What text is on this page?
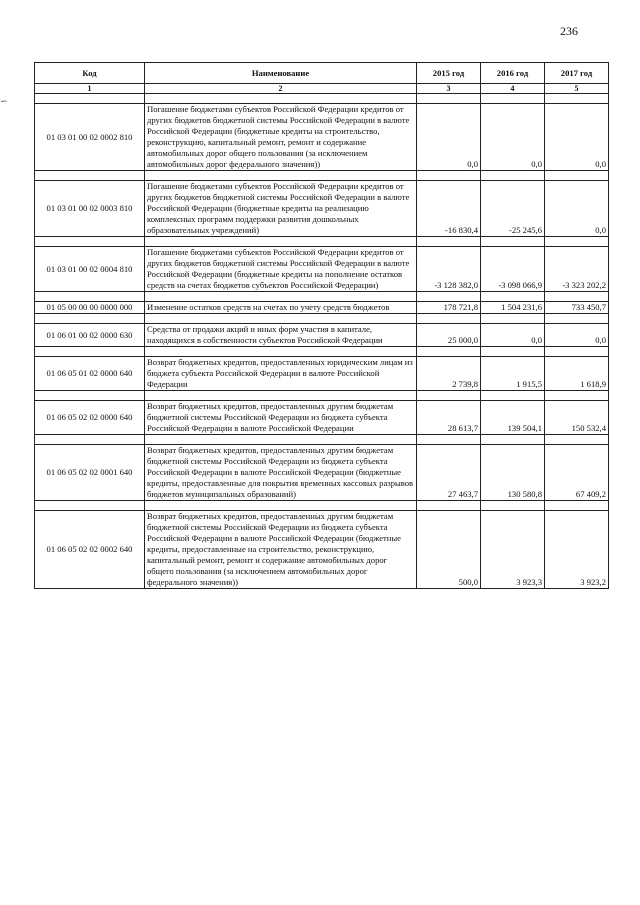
236
∽
Код	Наименование	2015 год	2016 год	2017 год
1	2	3	4	5

01 03 01 00 02 0002 810	Погашение бюджетами субъектов Российской Федерации кредитов от других бюджетов бюджетной системы Российской Федерации в валюте Российской Федерации (бюджетные кредиты на строительство, реконструкцию, капитальный ремонт, ремонт и содержание автомобильных дорог общего пользования (за исключением автомобильных дорог федерального значения))	0,0	0,0	0,0

01 03 01 00 02 0003 810	Погашение бюджетами субъектов Российской Федерации кредитов от других бюджетов бюджетной системы Российской Федерации в валюте Российской Федерации (бюджетные кредиты на реализацию комплексных программ поддержки развития дошкольных образовательных учреждений)	-16 830,4	-25 245,6	0,0

01 03 01 00 02 0004 810	Погашение бюджетами субъектов Российской Федерации кредитов от других бюджетов бюджетной системы Российской Федерации в валюте Российской Федерации (бюджетные кредиты на пополнение остатков средств на счетах бюджетов субъектов Российской Федерации)	-3 128 382,0	-3 098 066,9	-3 323 202,2

01 05 00 00 00 0000 000	Изменение остатков средств на счетах по учету средств бюджетов	178 721,8	1 504 231,6	733 450,7

01 06 01 00 02 0000 630	Средства от продажи акций и иных форм участия в капитале, находящихся в собственности субъектов Российской Федерации	25 000,0	0,0	0,0

01 06 05 01 02 0000 640	Возврат бюджетных кредитов, предоставленных юридическим лицам из бюджета субъекта Российской Федерации в валюте Российской Федерации	2 739,8	1 915,5	1 618,9

01 06 05 02 02 0000 640	Возврат бюджетных кредитов, предоставленных другим бюджетам бюджетной системы Российской Федерации из бюджета субъекта Российской Федерации в валюте Российской Федерации	28 613,7	139 504,1	150 532,4

01 06 05 02 02 0001 640	Возврат бюджетных кредитов, предоставленных другим бюджетам бюджетной системы Российской Федерации из бюджета субъекта Российской Федерации в валюте Российской Федерации (бюджетные кредиты, предоставленные для покрытия временных кассовых разрывов бюджетов муниципальных образований)	27 463,7	130 580,8	67 409,2

01 06 05 02 02 0002 640	Возврат бюджетных кредитов, предоставленных другим бюджетам бюджетной системы Российской Федерации из бюджета субъекта Российской Федерации в валюте Российской Федерации (бюджетные кредиты, предоставленные на строительство, реконструкцию, капитальный ремонт, ремонт и содержание автомобильных дорог общего пользования (за исключением автомобильных дорог федерального значения))	500,0	3 923,3	3 923,2
